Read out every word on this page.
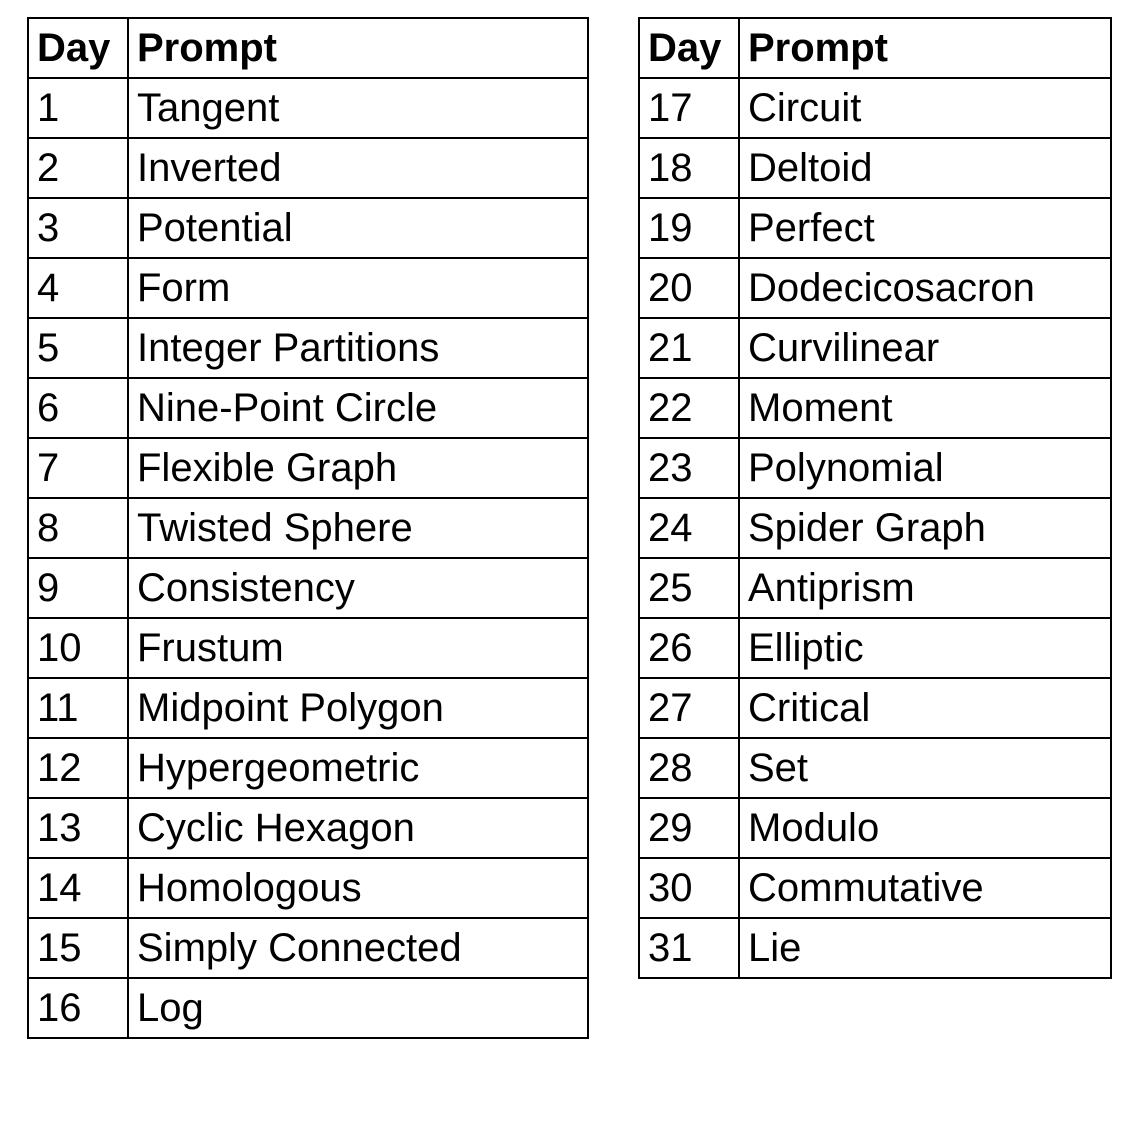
Day	Prompt
1	Tangent
2	Inverted
3	Potential
4	Form
5	Integer Partitions
6	Nine-Point Circle
7	Flexible Graph
8	Twisted Sphere
9	Consistency
10	Frustum
11	Midpoint Polygon
12	Hypergeometric
13	Cyclic Hexagon
14	Homologous
15	Simply Connected
16	Log
Day	Prompt
17	Circuit
18	Deltoid
19	Perfect
20	Dodecicosacron
21	Curvilinear
22	Moment
23	Polynomial
24	Spider Graph
25	Antiprism
26	Elliptic
27	Critical
28	Set
29	Modulo
30	Commutative
31	Lie
